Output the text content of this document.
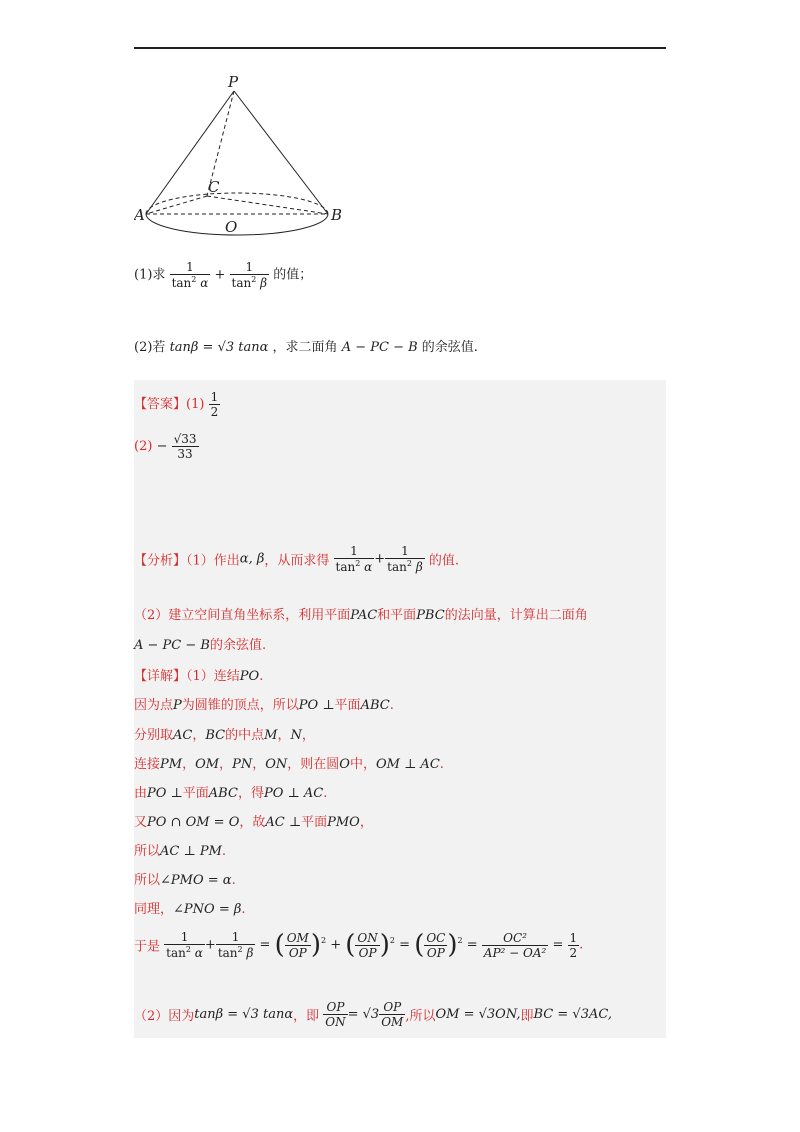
P
C
A	B
O
(1)求 $\frac{1}{\tan^2 \alpha} + \frac{1}{\tan^2 \beta}$ 的值；
(2)若 tanβ = √3 tanα ，求二面角 A − PC − B 的余弦值.
【答案】$(1) \frac{1}{2}$
$(2) - \frac{√33}{33}$
【分析】（1）作出α, β，从而求得 $\frac{1}{\tan^2 \alpha} + \frac{1}{\tan^2 \beta}$ 的值.
（2）建立空间直角坐标系，利用平面PAC和平面PBC的法向量，计算出二面角
A − PC − B的余弦值.
【详解】（1）连结PO.
因为点P为圆锥的顶点，所以PO ⊥平面ABC.
分别取AC，BC的中点M，N，
连接PM，OM，PN，ON，则在圆O中，OM ⊥ AC.
由PO ⊥平面ABC，得PO ⊥ AC.
又PO ∩ OM = O，故AC ⊥平面PMO，
所以AC ⊥ PM.
所以∠PMO = α.
同理，∠PNO = β.
于是 $\frac{1}{\tan^2 \alpha} + \frac{1}{\tan^2 \beta}$ = ( $\frac{OM}{OP} )^2$ + ( $\frac{ON}{OP} )^2$ = ( $\frac{OC}{OP} )^2 = \frac{\text{OC²}}{\text{AP² − OA²}} = \frac{1}{2}$ .
（2）因为tanβ = √3 tanα，即 $\frac{OP}{ON} = √3 \frac{OP}{OM}$ ,所以OM = √3ON,即BC = √3AC,
